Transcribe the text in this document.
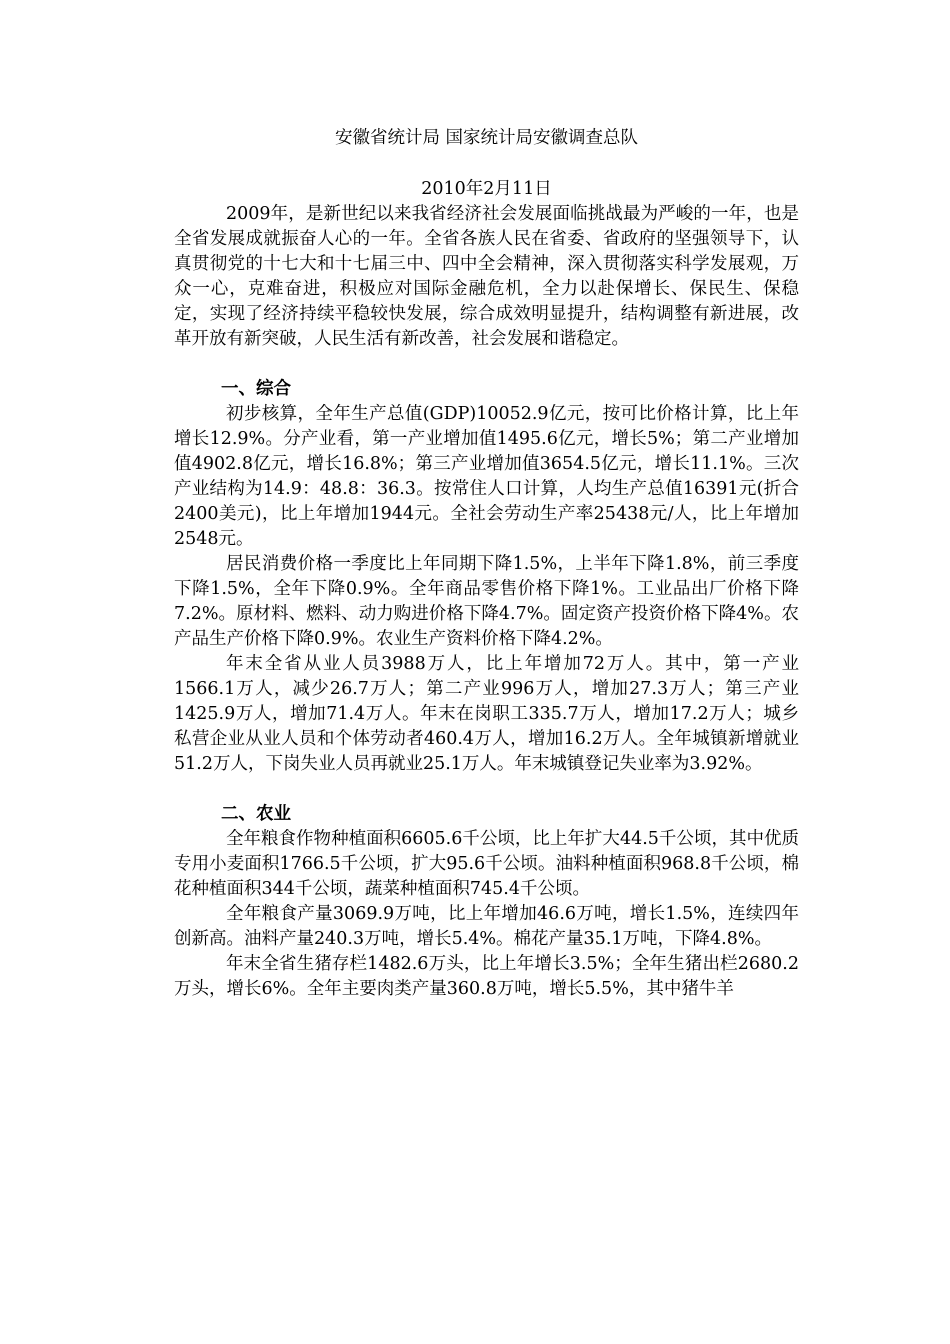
安徽省统计局 国家统计局安徽调查总队

2010年2月11日

2009年，是新世纪以来我省经济社会发展面临挑战最为严峻的一年，也是全省发展成就振奋人心的一年。全省各族人民在省委、省政府的坚强领导下，认真贯彻党的十七大和十七届三中、四中全会精神，深入贯彻落实科学发展观，万众一心，克难奋进，积极应对国际金融危机，全力以赴保增长、保民生、保稳定，实现了经济持续平稳较快发展，综合成效明显提升，结构调整有新进展，改革开放有新突破，人民生活有新改善，社会发展和谐稳定。

一、综合

初步核算，全年生产总值(GDP)10052.9亿元，按可比价格计算，比上年增长12.9%。分产业看，第一产业增加值1495.6亿元，增长5%；第二产业增加值4902.8亿元，增长16.8%；第三产业增加值3654.5亿元，增长11.1%。三次产业结构为14.9：48.8：36.3。按常住人口计算，人均生产总值16391元(折合2400美元)，比上年增加1944元。全社会劳动生产率25438元/人，比上年增加2548元。

居民消费价格一季度比上年同期下降1.5%，上半年下降1.8%，前三季度下降1.5%，全年下降0.9%。全年商品零售价格下降1%。工业品出厂价格下降7.2%。原材料、燃料、动力购进价格下降4.7%。固定资产投资价格下降4%。农产品生产价格下降0.9%。农业生产资料价格下降4.2%。

年末全省从业人员3988万人，比上年增加72万人。其中，第一产业1566.1万人，减少26.7万人；第二产业996万人，增加27.3万人；第三产业1425.9万人，增加71.4万人。年末在岗职工335.7万人，增加17.2万人；城乡私营企业从业人员和个体劳动者460.4万人，增加16.2万人。全年城镇新增就业51.2万人，下岗失业人员再就业25.1万人。年末城镇登记失业率为3.92%。

二、农业

全年粮食作物种植面积6605.6千公顷，比上年扩大44.5千公顷，其中优质专用小麦面积1766.5千公顷，扩大95.6千公顷。油料种植面积968.8千公顷，棉花种植面积344千公顷，蔬菜种植面积745.4千公顷。

全年粮食产量3069.9万吨，比上年增加46.6万吨，增长1.5%，连续四年创新高。油料产量240.3万吨，增长5.4%。棉花产量35.1万吨，下降4.8%。

年末全省生猪存栏1482.6万头，比上年增长3.5%；全年生猪出栏2680.2万头，增长6%。全年主要肉类产量360.8万吨，增长5.5%，其中猪牛羊
